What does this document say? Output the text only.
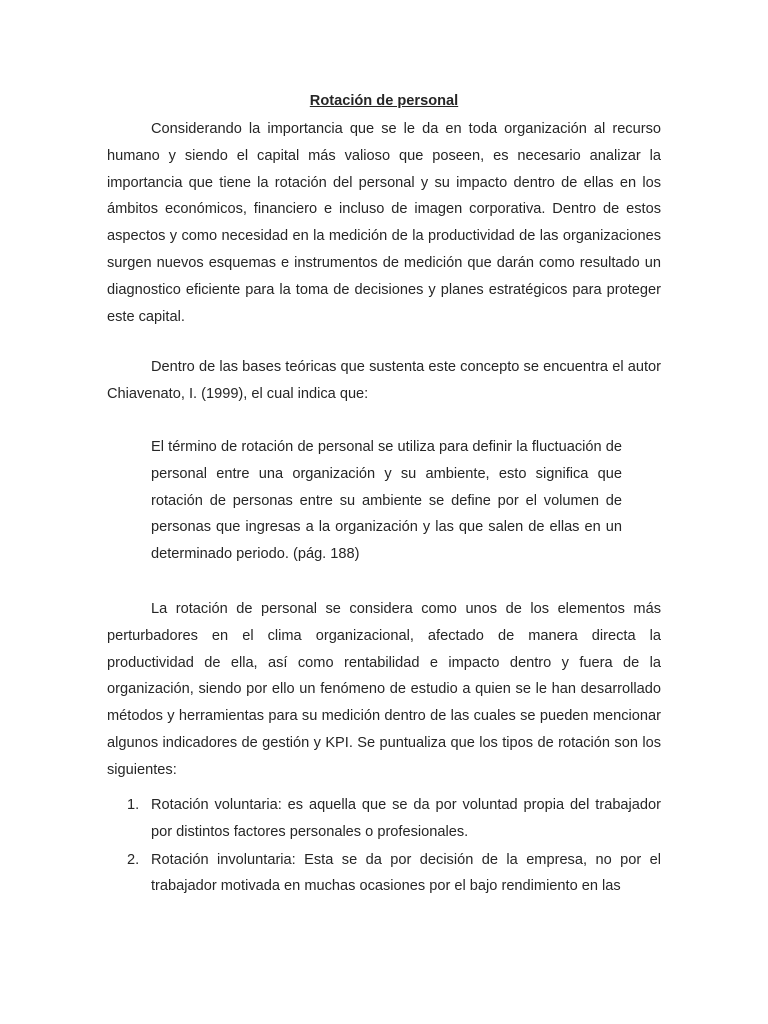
Rotación de personal

Considerando la importancia que se le da en toda organización al recurso humano y siendo el capital más valioso que poseen, es necesario analizar la importancia que tiene la rotación del personal y su impacto dentro de ellas en los ámbitos económicos, financiero e incluso de imagen corporativa. Dentro de estos aspectos y como necesidad en la medición de la productividad de las organizaciones surgen nuevos esquemas e instrumentos de medición que darán como resultado un diagnostico eficiente para la toma de decisiones y planes estratégicos para proteger este capital.

Dentro de las bases teóricas que sustenta este concepto se encuentra el autor Chiavenato, I. (1999), el cual indica que:

El término de rotación de personal se utiliza para definir la fluctuación de personal entre una organización y su ambiente, esto significa que rotación de personas entre su ambiente se define por el volumen de personas que ingresas a la organización y las que salen de ellas en un determinado periodo. (pág. 188)

La rotación de personal se considera como unos de los elementos más perturbadores en el clima organizacional, afectado de manera directa la productividad de ella, así como rentabilidad e impacto dentro y fuera de la organización, siendo por ello un fenómeno de estudio a quien se le han desarrollado métodos y herramientas para su medición dentro de las cuales se pueden mencionar algunos indicadores de gestión y KPI. Se puntualiza que los tipos de rotación son los siguientes:

1. Rotación voluntaria: es aquella que se da por voluntad propia del trabajador por distintos factores personales o profesionales.
2. Rotación involuntaria: Esta se da por decisión de la empresa, no por el trabajador motivada en muchas ocasiones por el bajo rendimiento en las
